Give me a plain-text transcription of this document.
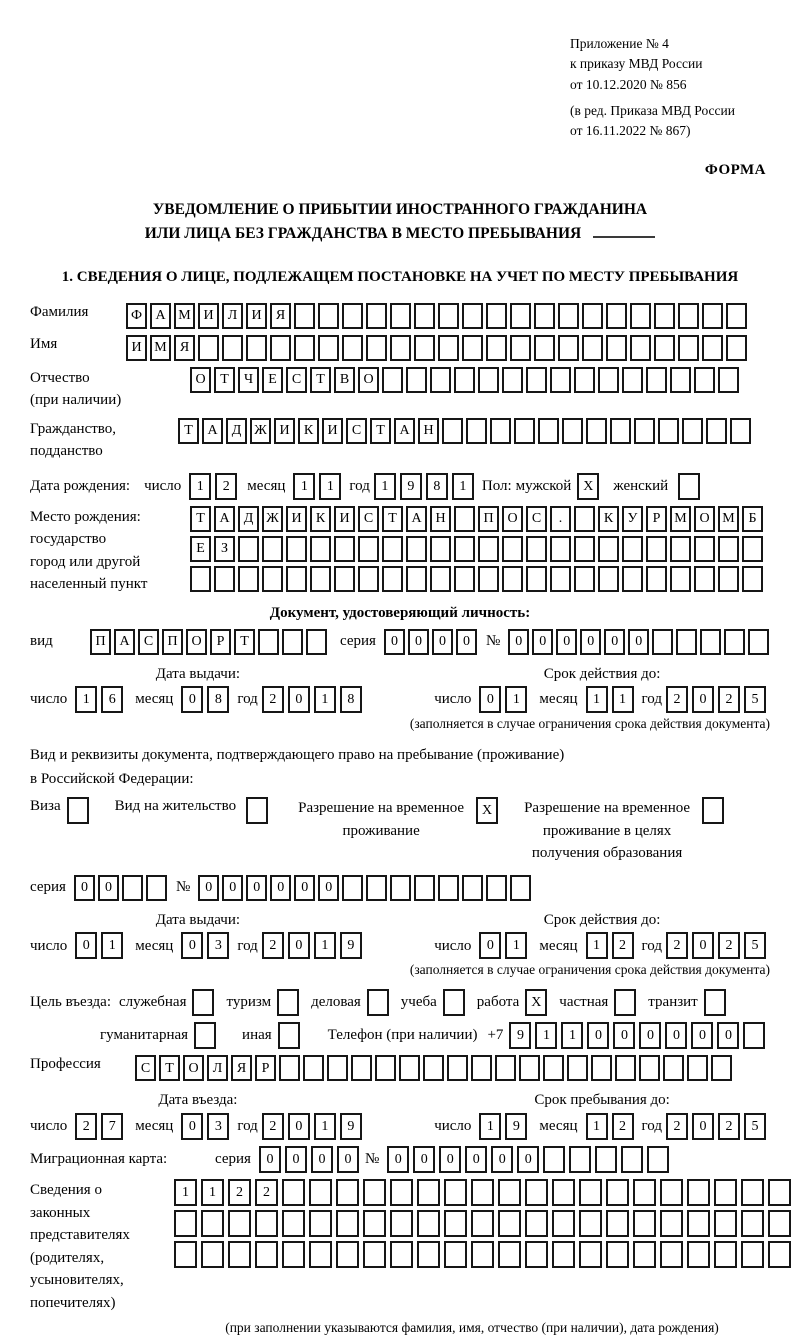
Приложение № 4
к приказу МВД России
от 10.12.2020 № 856
(в ред. Приказа МВД России
от 16.11.2022 № 867)
ФОРМА
УВЕДОМЛЕНИЕ О ПРИБЫТИИ ИНОСТРАННОГО ГРАЖДАНИНА
ИЛИ ЛИЦА БЕЗ ГРАЖДАНСТВА В МЕСТО ПРЕБЫВАНИЯ
1. СВЕДЕНИЯ О ЛИЦЕ, ПОДЛЕЖАЩЕМ ПОСТАНОВКЕ НА УЧЕТ ПО МЕСТУ ПРЕБЫВАНИЯ
Фамилия	Ф А М И	Л	И	Я
Имя	И М Я
Отчество
(при наличии)
О	Т	Ч	Е	С	Т	В	О
Гражданство,
подданство
Т	А	Д Ж И	К	И	С	Т	А Н
Дата рождения: число	1	2	месяц	1	1	год 1	9	8	1	Пол: мужской X	женский
Место рождения:
государство
город или другой
населенный пункт
Т	А	Д Ж И	К	И	С	Т	А Н	П О	С	.	К	У	Р М О М Б
Е	З
Документ, удостоверяющий личность:
вид	П А	С	П О	Р	Т	серия	0	0	0	0	№	0	0	0	0	0	0
Дата выдачи:
число	1	6	месяц	0	8	год 2	0	1	8
Срок действия до:
число	0	1	месяц	1	1	год 2	0	2	5
(заполняется в случае ограничения срока действия документа)
Вид и реквизиты документа, подтверждающего право на пребывание (проживание)
в Российской Федерации:
Виза	Вид на жительство	Разрешение на временное
проживание
X	Разрешение на временное
проживание в целях
получения образования
серия	0	0	№	0	0	0	0	0	0
Дата выдачи:
число	0	1	месяц	0	3	год 2	0	1	9
Срок действия до:
число	0	1	месяц	1	2	год 2	0	2	5
(заполняется в случае ограничения срока действия документа)
Цель въезда: служебная	туризм	деловая	учеба	работа X	частная	транзит
гуманитарная	иная	Телефон (при наличии) +7 9	1	1	0	0	0	0	0	0
Профессия	С	Т	О	Л	Я	Р
Дата въезда:
число	2	7	месяц	0	3	год 2	0	1	9
Срок пребывания до:
число	1	9	месяц	1	2	год 2	0	2	5
Миграционная карта:	серия	0	0	0	0 №	0	0	0	0	0	0
Сведения о
законных
представителях
(родителях,
усыновителях,
попечителях)
1	1	2	2
(при заполнении указываются фамилия, имя, отчество (при наличии), дата рождения)
